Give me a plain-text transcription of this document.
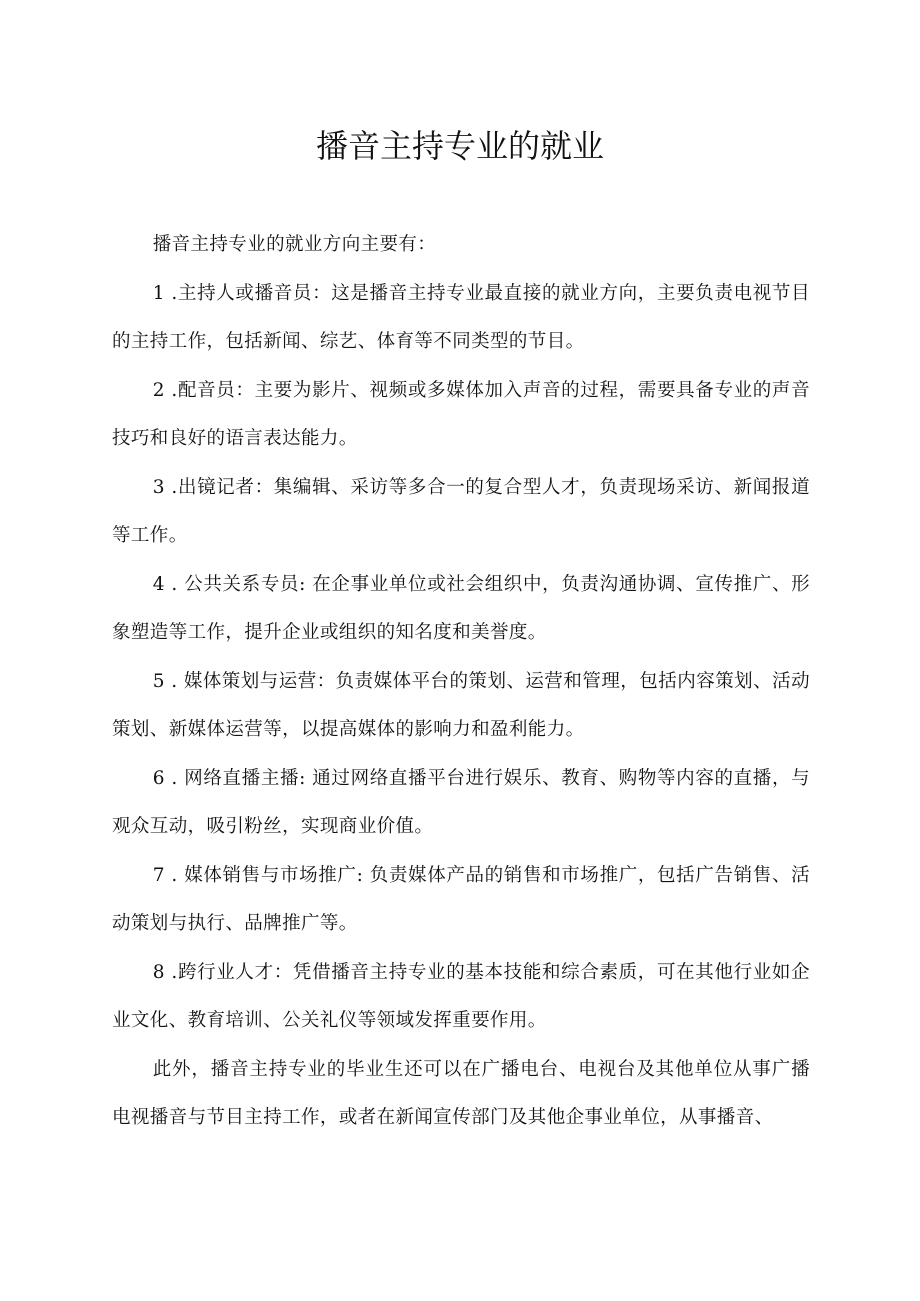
播音主持专业的就业

播音主持专业的就业方向主要有：

1 .主持人或播音员：这是播音主持专业最直接的就业方向，主要负责电视节目的主持工作，包括新闻、综艺、体育等不同类型的节目。

2 .配音员：主要为影片、视频或多媒体加入声音的过程，需要具备专业的声音技巧和良好的语言表达能力。

3 .出镜记者：集编辑、采访等多合一的复合型人才，负责现场采访、新闻报道等工作。

4 . 公共关系专员: 在企事业单位或社会组织中，负责沟通协调、宣传推广、形象塑造等工作，提升企业或组织的知名度和美誉度。

5 . 媒体策划与运营：负责媒体平台的策划、运营和管理，包括内容策划、活动策划、新媒体运营等，以提高媒体的影响力和盈利能力。

6 . 网络直播主播: 通过网络直播平台进行娱乐、教育、购物等内容的直播，与观众互动，吸引粉丝，实现商业价值。

7 . 媒体销售与市场推广: 负责媒体产品的销售和市场推广，包括广告销售、活动策划与执行、品牌推广等。

8 .跨行业人才：凭借播音主持专业的基本技能和综合素质，可在其他行业如企业文化、教育培训、公关礼仪等领域发挥重要作用。

此外，播音主持专业的毕业生还可以在广播电台、电视台及其他单位从事广播电视播音与节目主持工作，或者在新闻宣传部门及其他企事业单位，从事播音、
